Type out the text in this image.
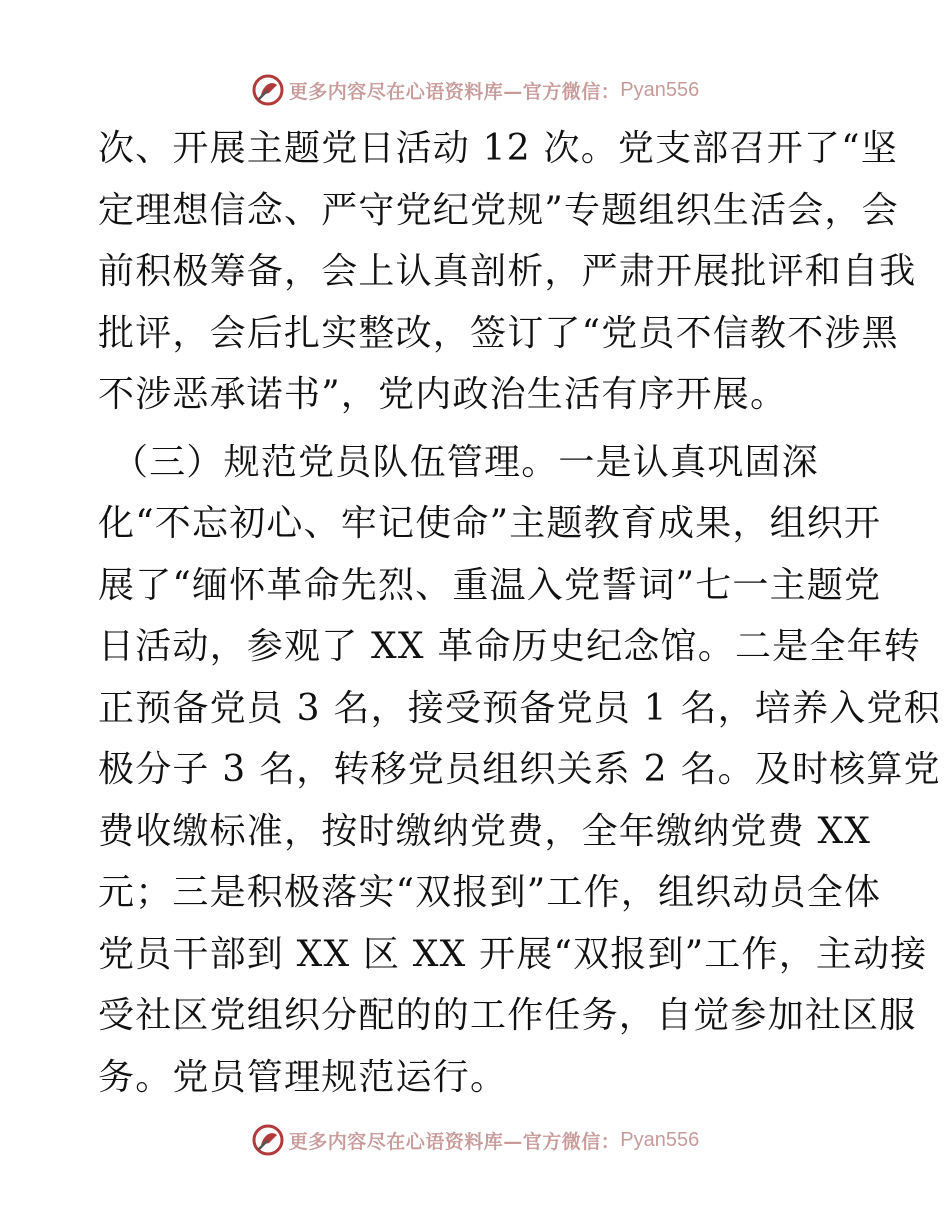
更多内容尽在心语资料库—官方微信： Pyan556
次、开展主题党日活动 12 次。党支部召开了“坚
定理想信念、严守党纪党规”专题组织生活会，会
前积极筹备，会上认真剖析，严肃开展批评和自我
批评，会后扎实整改，签订了“党员不信教不涉黑
不涉恶承诺书”，党内政治生活有序开展。
（三）规范党员队伍管理。一是认真巩固深
化“不忘初心、牢记使命”主题教育成果，组织开
展了“缅怀革命先烈、重温入党誓词”七一主题党
日活动，参观了 XX 革命历史纪念馆。二是全年转
正预备党员 3 名，接受预备党员 1 名，培养入党积
极分子 3 名，转移党员组织关系 2 名。及时核算党
费收缴标准，按时缴纳党费，全年缴纳党费 XX
元；三是积极落实“双报到”工作，组织动员全体
党员干部到 XX 区 XX 开展“双报到”工作，主动接
受社区党组织分配的的工作任务，自觉参加社区服
务。党员管理规范运行。
更多内容尽在心语资料库—官方微信： Pyan556
